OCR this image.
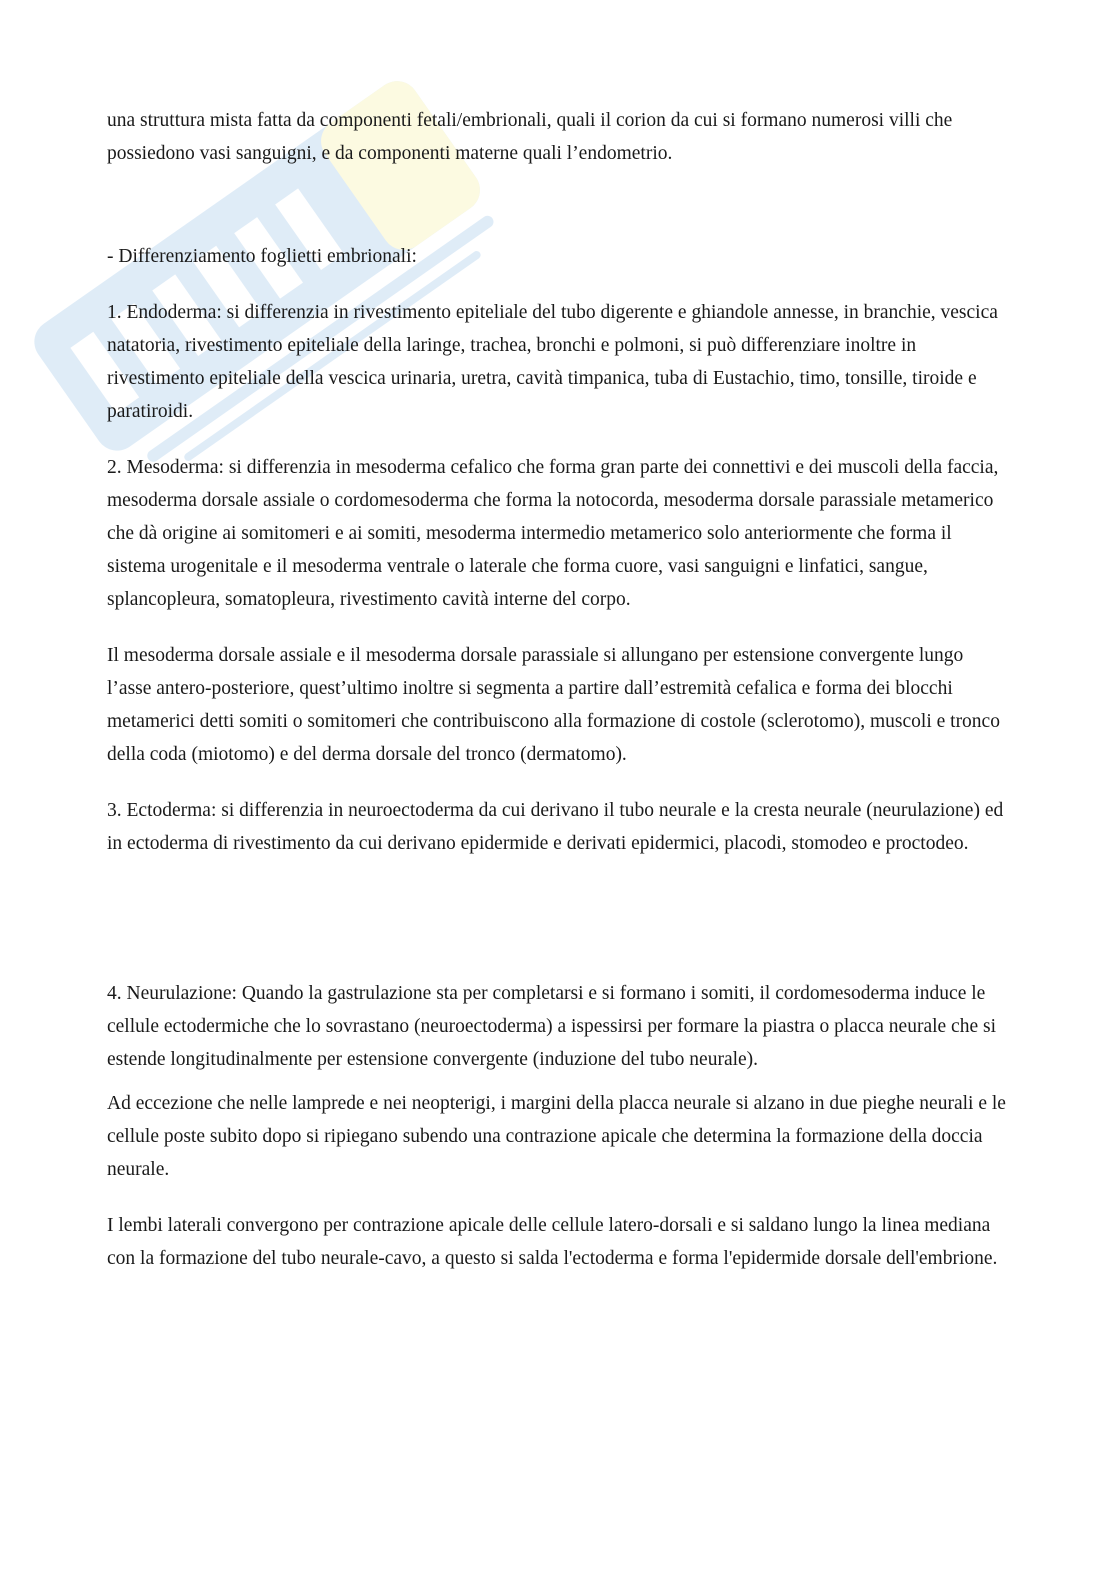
una struttura mista fatta da componenti fetali/embrionali, quali il corion da cui si formano numerosi villi che possiedono vasi sanguigni, e da componenti materne quali l’endometrio.

- Differenziamento foglietti embrionali:

1. Endoderma: si differenzia in rivestimento epiteliale del tubo digerente e ghiandole annesse, in branchie, vescica natatoria, rivestimento epiteliale della laringe, trachea, bronchi e polmoni, si può differenziare inoltre in rivestimento epiteliale della vescica urinaria, uretra, cavità timpanica, tuba di Eustachio, timo, tonsille, tiroide e paratiroidi.

2. Mesoderma: si differenzia in mesoderma cefalico che forma gran parte dei connettivi e dei muscoli della faccia, mesoderma dorsale assiale o cordomesoderma che forma la notocorda, mesoderma dorsale parassiale metamerico che dà origine ai somitomeri e ai somiti, mesoderma intermedio metamerico solo anteriormente che forma il sistema urogenitale e il mesoderma ventrale o laterale che forma cuore, vasi sanguigni e linfatici, sangue, splancopleura, somatopleura, rivestimento cavità interne del corpo.

Il mesoderma dorsale assiale e il mesoderma dorsale parassiale si allungano per estensione convergente lungo l’asse antero-posteriore, quest’ultimo inoltre si segmenta a partire dall’estremità cefalica e forma dei blocchi metamerici detti somiti o somitomeri che contribuiscono alla formazione di costole (sclerotomo), muscoli e tronco della coda (miotomo) e del derma dorsale del tronco (dermatomo).

3. Ectoderma: si differenzia in neuroectoderma da cui derivano il tubo neurale e la cresta neurale (neurulazione) ed in ectoderma di rivestimento da cui derivano epidermide e derivati epidermici, placodi, stomodeo e proctodeo.

4. Neurulazione: Quando la gastrulazione sta per completarsi e si formano i somiti, il cordomesoderma induce le cellule ectodermiche che lo sovrastano (neuroectoderma) a ispessirsi per formare la piastra o placca neurale che si estende longitudinalmente per estensione convergente (induzione del tubo neurale).

Ad eccezione che nelle lamprede e nei neopterigi, i margini della placca neurale si alzano in due pieghe neurali e le cellule poste subito dopo si ripiegano subendo una contrazione apicale che determina la formazione della doccia neurale.

I lembi laterali convergono per contrazione apicale delle cellule latero-dorsali e si saldano lungo la linea mediana con la formazione del tubo neurale-cavo, a questo si salda l'ectoderma e forma l'epidermide dorsale dell'embrione.
